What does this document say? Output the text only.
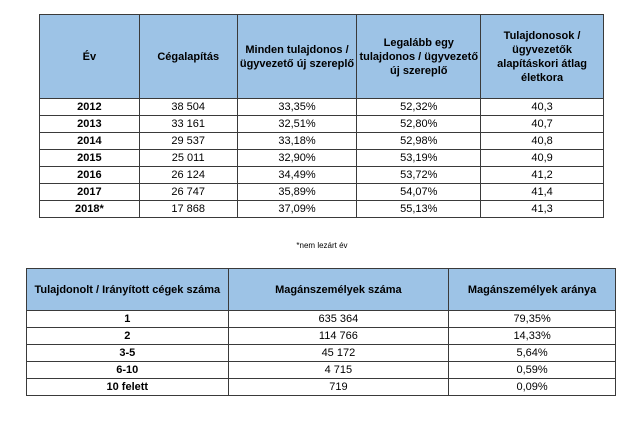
Év	Cégalapítás	Minden tulajdonos / ügyvezető új szereplő	Legalább egy tulajdonos / ügyvezető új szereplő	Tulajdonosok / ügyvezetők alapításkori átlag életkora
2012	38 504	33,35%	52,32%	40,3
2013	33 161	32,51%	52,80%	40,7
2014	29 537	33,18%	52,98%	40,8
2015	25 011	32,90%	53,19%	40,9
2016	26 124	34,49%	53,72%	41,2
2017	26 747	35,89%	54,07%	41,4
2018*	17 868	37,09%	55,13%	41,3
*nem lezárt év
Tulajdonolt / Irányított cégek száma	Magánszemélyek száma	Magánszemélyek aránya
1	635 364	79,35%
2	114 766	14,33%
3-5	45 172	5,64%
6-10	4 715	0,59%
10 felett	719	0,09%
